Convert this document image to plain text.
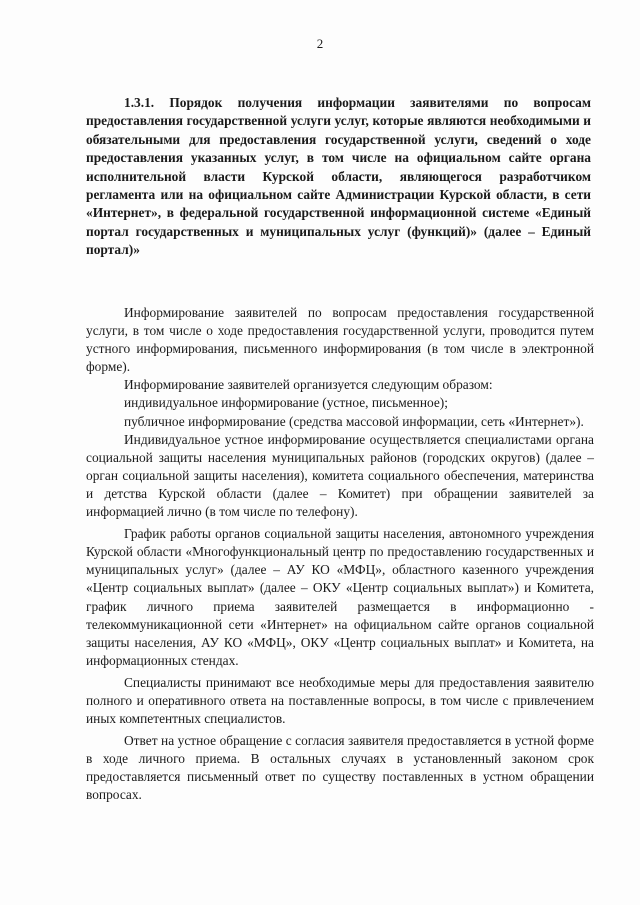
2
1.3.1. Порядок получения информации заявителями по вопросам предоставления государственной услуги услуг, которые являются необходимыми и обязательными для предоставления государственной услуги, сведений о ходе предоставления указанных услуг, в том числе на официальном сайте органа исполнительной власти Курской области, являющегося разработчиком регламента или на официальном сайте Администрации Курской области, в сети «Интернет», в федеральной государственной информационной системе «Единый портал государственных и муниципальных услуг (функций)» (далее – Единый портал)»

Информирование заявителей по вопросам предоставления государственной услуги, в том числе о ходе предоставления государственной услуги, проводится путем устного информирования, письменного информирования (в том числе в электронной форме).

Информирование заявителей организуется следующим образом:

индивидуальное информирование (устное, письменное);

публичное информирование (средства массовой информации, сеть «Интернет»).

Индивидуальное устное информирование осуществляется специалистами органа социальной защиты населения муниципальных районов (городских округов) (далее – орган социальной защиты населения), комитета социального обеспечения, материнства и детства Курской области (далее – Комитет) при обращении заявителей за информацией лично (в том числе по телефону).

График работы органов социальной защиты населения, автономного учреждения Курской области «Многофункциональный центр по предоставлению государственных и муниципальных услуг» (далее – АУ КО «МФЦ», областного казенного учреждения «Центр социальных выплат» (далее – ОКУ «Центр социальных выплат») и Комитета, график личного приема заявителей размещается в информационно - телекоммуникационной сети «Интернет» на официальном сайте органов социальной защиты населения, АУ КО «МФЦ», ОКУ «Центр социальных выплат» и Комитета, на информационных стендах.

Специалисты принимают все необходимые меры для предоставления заявителю полного и оперативного ответа на поставленные вопросы, в том числе с привлечением иных компетентных специалистов.

Ответ на устное обращение с согласия заявителя предоставляется в устной форме в ходе личного приема. В остальных случаях в установленный законом срок предоставляется письменный ответ по существу поставленных в устном обращении вопросах.
